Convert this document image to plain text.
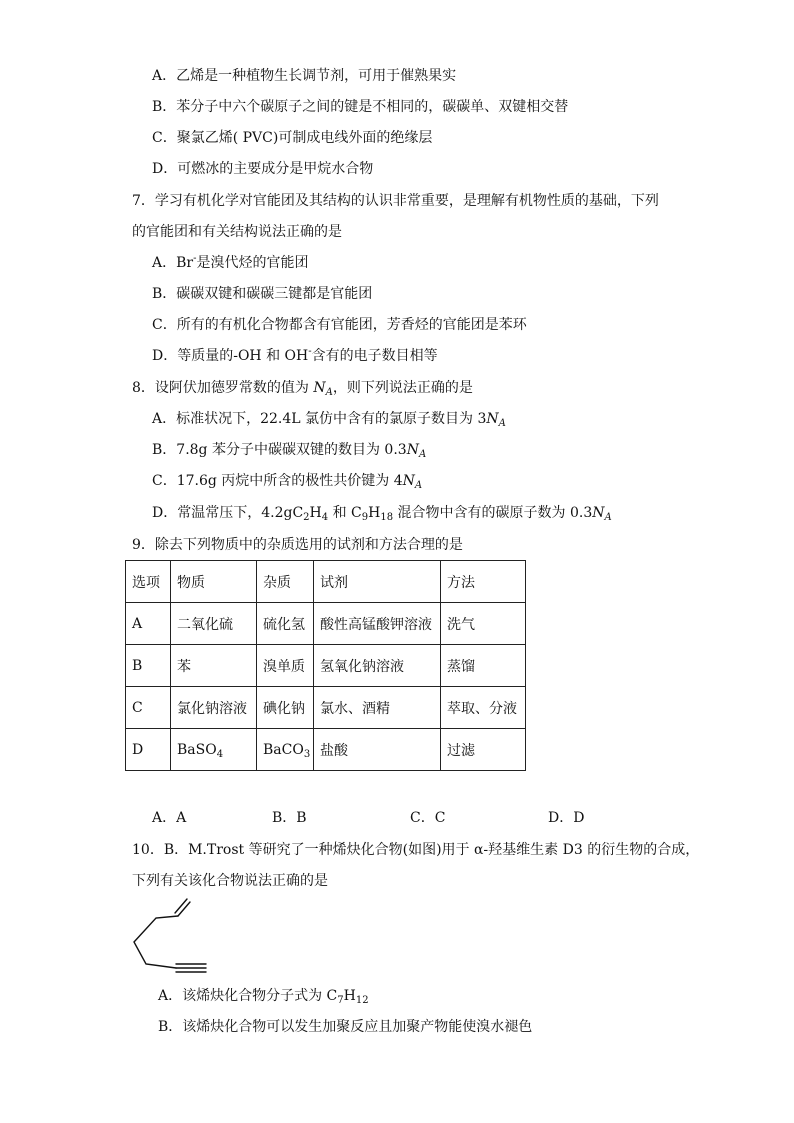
A．乙烯是一种植物生长调节剂，可用于催熟果实
B．苯分子中六个碳原子之间的键是不相同的，碳碳单、双键相交替
C．聚氯乙烯( PVC)可制成电线外面的绝缘层
D．可燃冰的主要成分是甲烷水合物
7．学习有机化学对官能团及其结构的认识非常重要，是理解有机物性质的基础，下列
的官能团和有关结构说法正确的是
A．Br-是溴代烃的官能团
B．碳碳双键和碳碳三键都是官能团
C．所有的有机化合物都含有官能团，芳香烃的官能团是苯环
D．等质量的-OH 和 OH-含有的电子数目相等
8．设阿伏加德罗常数的值为 $N_A$，则下列说法正确的是
A．标准状况下，22.4L 氯仿中含有的氯原子数目为 $3N_A$
B．7.8g 苯分子中碳碳双键的数目为 $0.3N_A$
C．17.6g 丙烷中所含的极性共价键为 $4N_A$
D．常温常压下，$4.2gC_2H_4$ 和 $C_9H_{18}$ 混合物中含有的碳原子数为 $0.3N_A$
9．除去下列物质中的杂质选用的试剂和方法合理的是
选项	物质	杂质	试剂	方法
A	二氧化硫	硫化氢	酸性高锰酸钾溶液	洗气
B	苯	溴单质	氢氧化钠溶液	蒸馏
C	氯化钠溶液	碘化钠	氯水、酒精	萃取、分液
D	BaSO$_4$	BaCO$_3$	盐酸	过滤
A．A	B．B	C．C	D．D
10．B．M.Trost 等研究了一种烯炔化合物(如图)用于 α-羟基维生素 D3 的衍生物的合成，
下列有关该化合物说法正确的是
A．该烯炔化合物分子式为 $C_7H_{12}$
B．该烯炔化合物可以发生加聚反应且加聚产物能使溴水褪色
